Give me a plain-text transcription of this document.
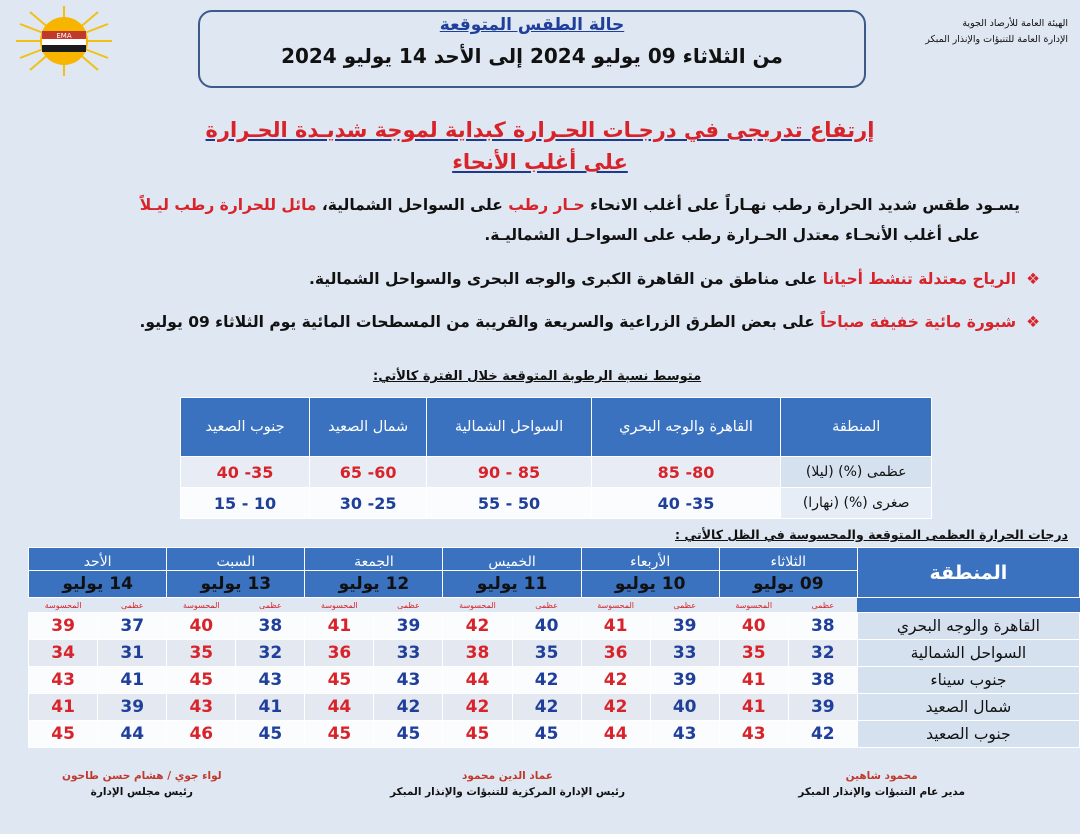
EMA
الهيئة العامة للأرصاد الجوية
الإدارة العامة للتنبؤات والإنذار المبكر
حالة الطقس المتوقعة
من الثلاثاء 09 يوليو 2024 إلى الأحد 14 يوليو 2024
إرتفاع تدريجى في درجـات الحـرارة كبداية لموجة شديـدة الحـرارة
على أغلب الأنحاء
يسـود طقس شديد الحرارة رطب نهـاراً على أغلب الانحاء حـار رطب على السواحل الشمالية، مائل للحرارة رطب ليـلاً
على أغلب الأنحـاء معتدل الحـرارة رطب على السواحـل الشماليـة.
❖الرياح معتدلة تنشط أحيانا على مناطق من القاهرة الكبرى والوجه البحرى والسواحل الشمالية.
❖شبورة مائية خفيفة صباحاً على بعض الطرق الزراعية والسريعة والقريبة من المسطحات المائية يوم الثلاثاء 09 يوليو.
متوسط نسبة الرطوبة المتوقعة خلال الفترة كالأتي:
المنطقة	القاهرة والوجه البحري	السواحل الشمالية	شمال الصعيد	جنوب الصعيد
عظمى (%) (ليلا)	80- 85	85 - 90	60- 65	35- 40
صغرى (%) (نهارا)	35- 40	50 - 55	25- 30	10 - 15
درجات الحرارة العظمى المتوقعة والمحسوسة في الظل كالأتي :
المنطقة	الثلاثاء		الأربعاء		الخميس		الجمعة		السبت		الأحد	
	09 يوليو		10 يوليو		11 يوليو		12 يوليو		13 يوليو		14 يوليو	
	عظمى	المحسوسة	عظمى	المحسوسة	عظمى	المحسوسة	عظمى	المحسوسة	عظمى	المحسوسة	عظمى	المحسوسة
القاهرة والوجه البحري	38	40	39	41	40	42	39	41	38	40	37	39
السواحل الشمالية	32	35	33	36	35	38	33	36	32	35	31	34
جنوب سيناء	38	41	39	42	42	44	43	45	43	45	41	43
شمال الصعيد	39	41	40	42	42	42	42	44	41	43	39	41
جنوب الصعيد	42	43	43	44	45	45	45	45	45	46	44	45
محمود شاهين
مدير عام التنبؤات والإنذار المبكر
عماد الدين محمود
رئيس الإدارة المركزية للتنبؤات والإنذار المبكر
لواء جوي / هشام حسن طاحون
رئيس مجلس الإدارة
